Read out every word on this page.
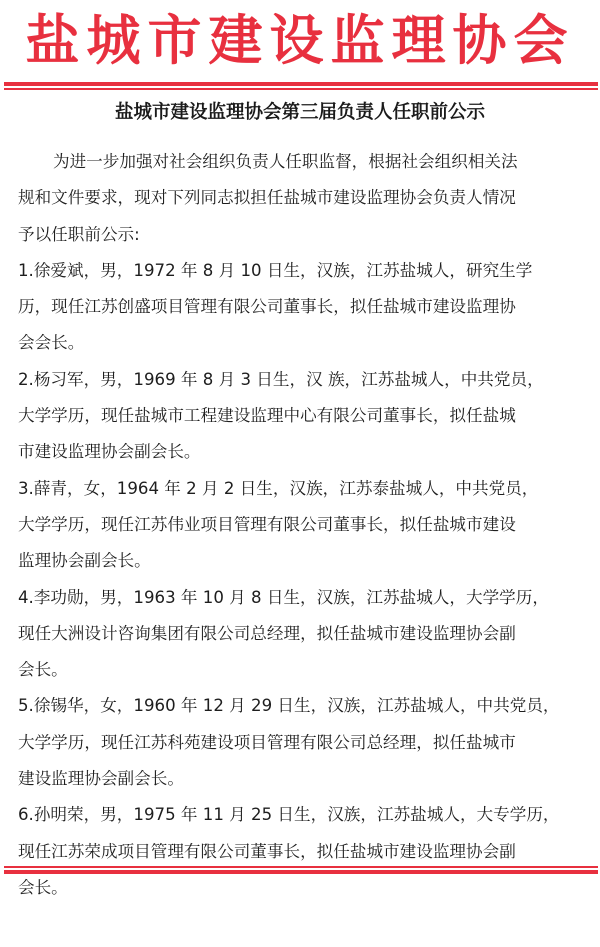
盐城市建设监理协会
盐城市建设监理协会第三届负责人任职前公示
为进一步加强对社会组织负责人任职监督，根据社会组织相关法
规和文件要求，现对下列同志拟担任盐城市建设监理协会负责人情况
予以任职前公示:
1.徐爱斌，男，1972 年 8 月 10 日生，汉族，江苏盐城人，研究生学
历，现任江苏创盛项目管理有限公司董事长，拟任盐城市建设监理协
会会长。
2.杨习军，男，1969 年 8 月 3 日生，汉 族，江苏盐城人，中共党员，
大学学历，现任盐城市工程建设监理中心有限公司董事长，拟任盐城
市建设监理协会副会长。
3.薛青，女，1964 年 2 月 2 日生，汉族，江苏泰盐城人，中共党员，
大学学历，现任江苏伟业项目管理有限公司董事长，拟任盐城市建设
监理协会副会长。
4.李功勋，男，1963 年 10 月 8 日生，汉族，江苏盐城人，大学学历，
现任大洲设计咨询集团有限公司总经理，拟任盐城市建设监理协会副
会长。
5.徐锡华，女，1960 年 12 月 29 日生，汉族，江苏盐城人，中共党员，
大学学历，现任江苏科苑建设项目管理有限公司总经理，拟任盐城市
建设监理协会副会长。
6.孙明荣，男，1975 年 11 月 25 日生，汉族，江苏盐城人，大专学历，
现任江苏荣成项目管理有限公司董事长，拟任盐城市建设监理协会副
会长。
